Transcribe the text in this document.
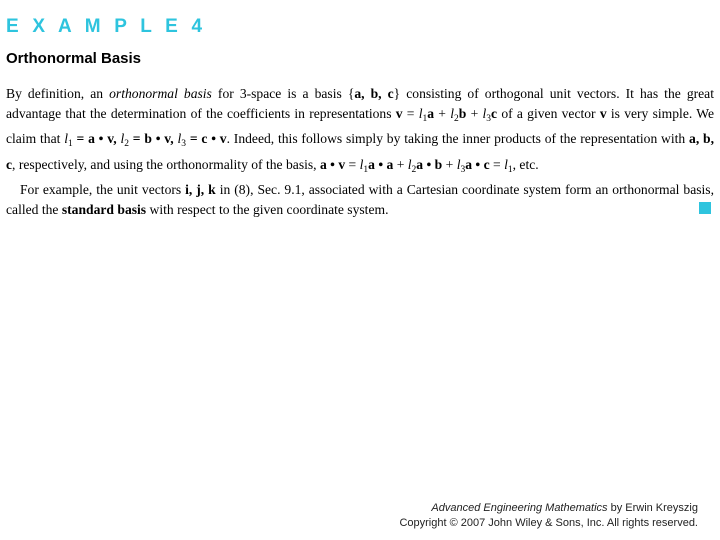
E X A M P L E 4
Orthonormal Basis

By definition, an orthonormal basis for 3-space is a basis {a, b, c} consisting of orthogonal unit vectors. It has the great advantage that the determination of the coefficients in representations $v = l_1a + l_2b + l_3c$ of a given vector v is very simple. We claim that $l_1 = a$ • v, $l_2 = b$ • v, $l_3 = c$ • v. Indeed, this follows simply by taking the inner products of the representation with a, b, c, respectively, and using the orthonormality of the basis, a • $v = l_1a$ • $a + l_2a$ • $b + l_3a$ • $c = l_1$, etc.

For example, the unit vectors i, j, k in (8), Sec. 9.1, associated with a Cartesian coordinate system form an orthonormal basis, called the standard basis with respect to the given coordinate system.

Advanced Engineering Mathematics by Erwin Kreyszig
Copyright © 2007 John Wiley & Sons, Inc. All rights reserved.
